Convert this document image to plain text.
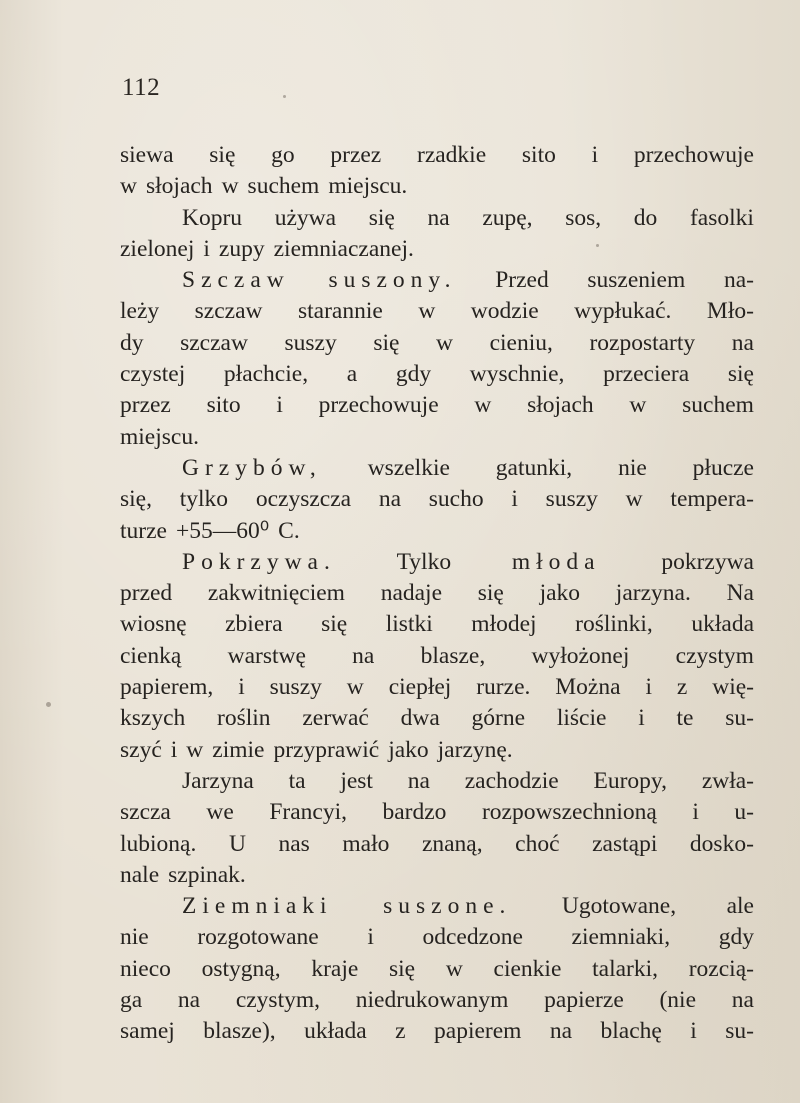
112
siewa się go przez rzadkie sito i przechowuje
w słojach w suchem miejscu.
Kopru używa się na zupę, sos, do fasolki
zielonej i zupy ziemniaczanej.
Szczaw suszony. Przed suszeniem na-
leży szczaw starannie w wodzie wypłukać. Mło-
dy szczaw suszy się w cieniu, rozpostarty na
czystej płachcie, a gdy wyschnie, przeciera się
przez sito i przechowuje w słojach w suchem
miejscu.
Grzybów, wszelkie gatunki, nie płucze
się, tylko oczyszcza na sucho i suszy w tempera-
turze +55—60⁰ C.
Pokrzywa.	Tylko	młoda	pokrzywa
przed zakwitnięciem nadaje się jako jarzyna. Na
wiosnę zbiera się listki młodej roślinki, układa
cienką warstwę na blasze, wyłożonej czystym
papierem, i suszy w ciepłej rurze. Można i z wię-
kszych roślin zerwać dwa górne liście i te su-
szyć i w zimie przyprawić jako jarzynę.
Jarzyna ta jest na zachodzie Europy, zwła-
szcza we Francyi, bardzo rozpowszechnioną i u-
lubioną. U nas mało znaną, choć zastąpi dosko-
nale szpinak.
Ziemniaki suszone. Ugotowane, ale
nie rozgotowane i odcedzone ziemniaki, gdy
nieco ostygną, kraje się w cienkie talarki, rozcią-
ga na czystym, niedrukowanym papierze (nie na
samej blasze), układa z papierem na blachę i su-
